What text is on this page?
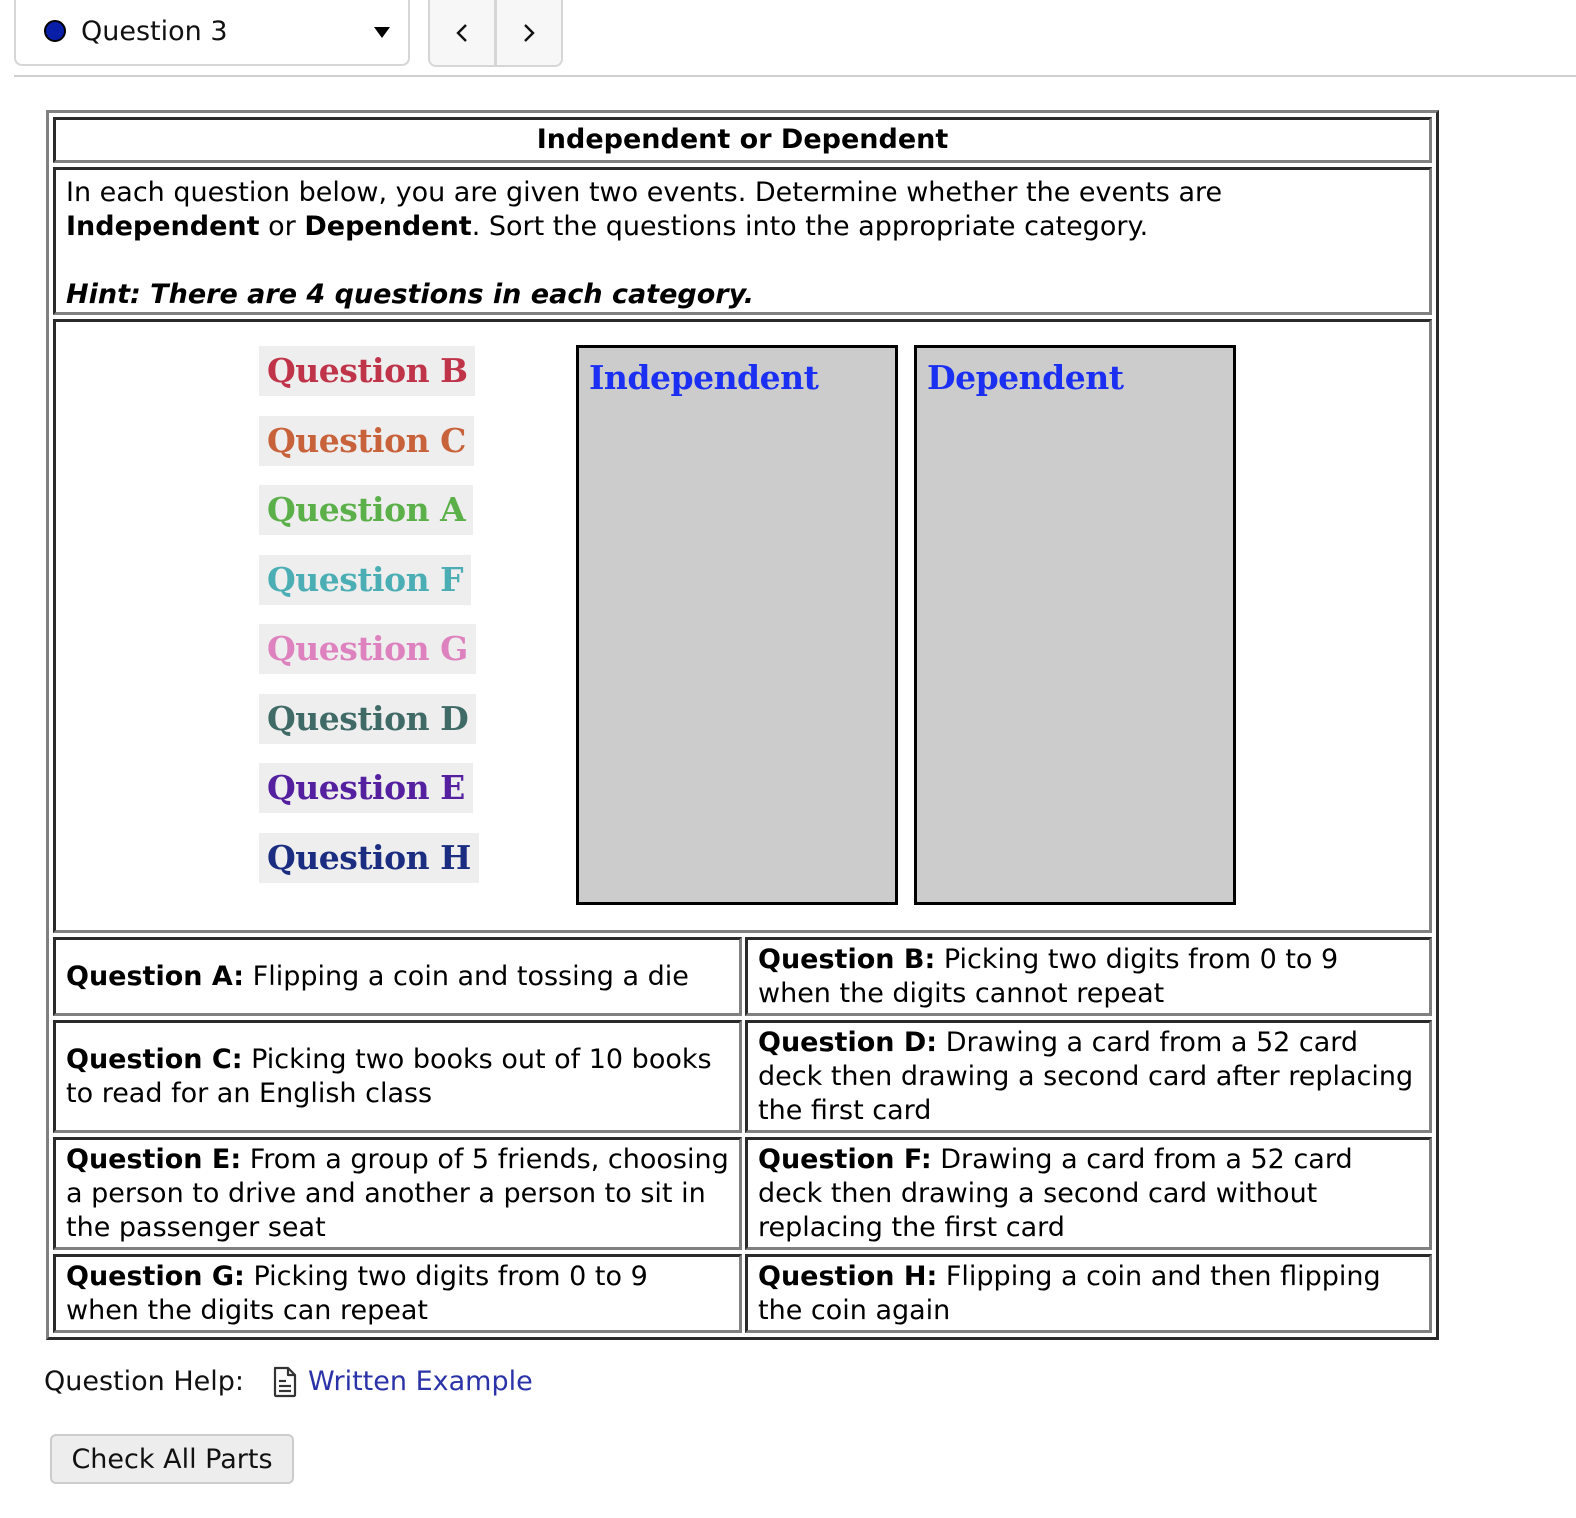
Question 3
Independent or Dependent

In each question below, you are given two events. Determine whether the events are Independent or Dependent. Sort the questions into the appropriate category.

Hint: There are 4 questions in each category.

Question B
Question C
Question A
Question F
Question G
Question D
Question E
Question H
Independent	Dependent
Question A: Flipping a coin and tossing a die
Question B: Picking two digits from 0 to 9 when the digits cannot repeat
Question C: Picking two books out of 10 books to read for an English class
Question D: Drawing a card from a 52 card deck then drawing a second card after replacing the first card
Question E: From a group of 5 friends, choosing a person to drive and another a person to sit in the passenger seat
Question F: Drawing a card from a 52 card deck then drawing a second card without replacing the first card
Question G: Picking two digits from 0 to 9 when the digits can repeat
Question H: Flipping a coin and then flipping the coin again
Question Help: Written Example
Check All Parts
